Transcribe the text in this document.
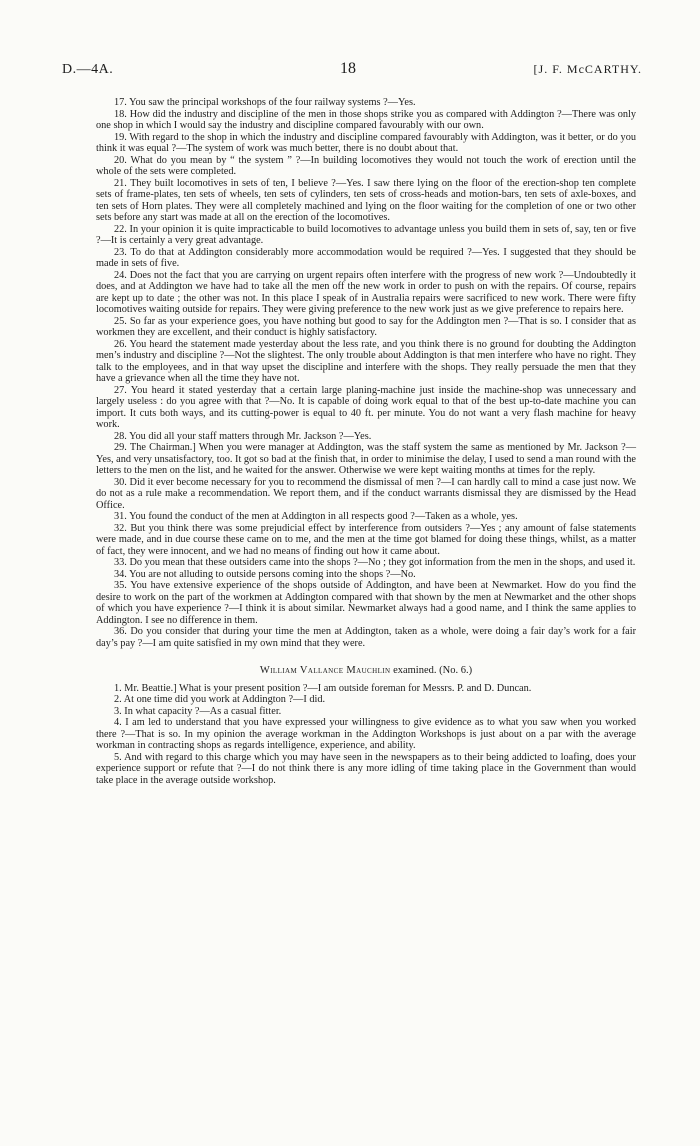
D.—4A.	18	[J. F. McCARTHY.

17. You saw the principal workshops of the four railway systems ?—Yes.

18. How did the industry and discipline of the men in those shops strike you as compared with Addington ?—There was only one shop in which I would say the industry and discipline compared favourably with our own.

19. With regard to the shop in which the industry and discipline compared favourably with Addington, was it better, or do you think it was equal ?—The system of work was much better, there is no doubt about that.

20. What do you mean by “ the system ” ?—In building locomotives they would not touch the work of erection until the whole of the sets were completed.

21. They built locomotives in sets of ten, I believe ?—Yes. I saw there lying on the floor of the erection-shop ten complete sets of frame-plates, ten sets of wheels, ten sets of cylinders, ten sets of cross-heads and motion-bars, ten sets of axle-boxes, and ten sets of Horn plates. They were all completely machined and lying on the floor waiting for the completion of one or two other sets before any start was made at all on the erection of the locomotives.

22. In your opinion it is quite impracticable to build locomotives to advantage unless you build them in sets of, say, ten or five ?—It is certainly a very great advantage.

23. To do that at Addington considerably more accommodation would be required ?—Yes. I suggested that they should be made in sets of five.

24. Does not the fact that you are carrying on urgent repairs often interfere with the progress of new work ?—Undoubtedly it does, and at Addington we have had to take all the men off the new work in order to push on with the repairs. Of course, repairs are kept up to date ; the other was not. In this place I speak of in Australia repairs were sacrificed to new work. There were fifty locomotives waiting outside for repairs. They were giving preference to the new work just as we give preference to repairs here.

25. So far as your experience goes, you have nothing but good to say for the Addington men ?—That is so. I consider that as workmen they are excellent, and their conduct is highly satisfactory.

26. You heard the statement made yesterday about the less rate, and you think there is no ground for doubting the Addington men’s industry and discipline ?—Not the slightest. The only trouble about Addington is that men interfere who have no right. They talk to the employees, and in that way upset the discipline and interfere with the shops. They really persuade the men that they have a grievance when all the time they have not.

27. You heard it stated yesterday that a certain large planing-machine just inside the machine-shop was unnecessary and largely useless : do you agree with that ?—No. It is capable of doing work equal to that of the best up-to-date machine you can import. It cuts both ways, and its cutting-power is equal to 40 ft. per minute. You do not want a very flash machine for heavy work.

28. You did all your staff matters through Mr. Jackson ?—Yes.

29. The Chairman.] When you were manager at Addington, was the staff system the same as mentioned by Mr. Jackson ?—Yes, and very unsatisfactory, too. It got so bad at the finish that, in order to minimise the delay, I used to send a man round with the letters to the men on the list, and he waited for the answer. Otherwise we were kept waiting months at times for the reply.

30. Did it ever become necessary for you to recommend the dismissal of men ?—I can hardly call to mind a case just now. We do not as a rule make a recommendation. We report them, and if the conduct warrants dismissal they are dismissed by the Head Office.

31. You found the conduct of the men at Addington in all respects good ?—Taken as a whole, yes.

32. But you think there was some prejudicial effect by interference from outsiders ?—Yes ; any amount of false statements were made, and in due course these came on to me, and the men at the time got blamed for doing these things, whilst, as a matter of fact, they were innocent, and we had no means of finding out how it came about.

33. Do you mean that these outsiders came into the shops ?—No ; they got information from the men in the shops, and used it.

34. You are not alluding to outside persons coming into the shops ?—No.

35. You have extensive experience of the shops outside of Addington, and have been at Newmarket. How do you find the desire to work on the part of the workmen at Addington compared with that shown by the men at Newmarket and the other shops of which you have experience ?—I think it is about similar. Newmarket always had a good name, and I think the same applies to Addington. I see no difference in them.

36. Do you consider that during your time the men at Addington, taken as a whole, were doing a fair day’s work for a fair day’s pay ?—I am quite satisfied in my own mind that they were.

William Vallance Mauchlin examined. (No. 6.)

1. Mr. Beattie.] What is your present position ?—I am outside foreman for Messrs. P. and D. Duncan.

2. At one time did you work at Addington ?—I did.

3. In what capacity ?—As a casual fitter.

4. I am led to understand that you have expressed your willingness to give evidence as to what you saw when you worked there ?—That is so. In my opinion the average workman in the Addington Workshops is just about on a par with the average workman in contracting shops as regards intelligence, experience, and ability.

5. And with regard to this charge which you may have seen in the newspapers as to their being addicted to loafing, does your experience support or refute that ?—I do not think there is any more idling of time taking place in the Government than would take place in the average outside workshop.
